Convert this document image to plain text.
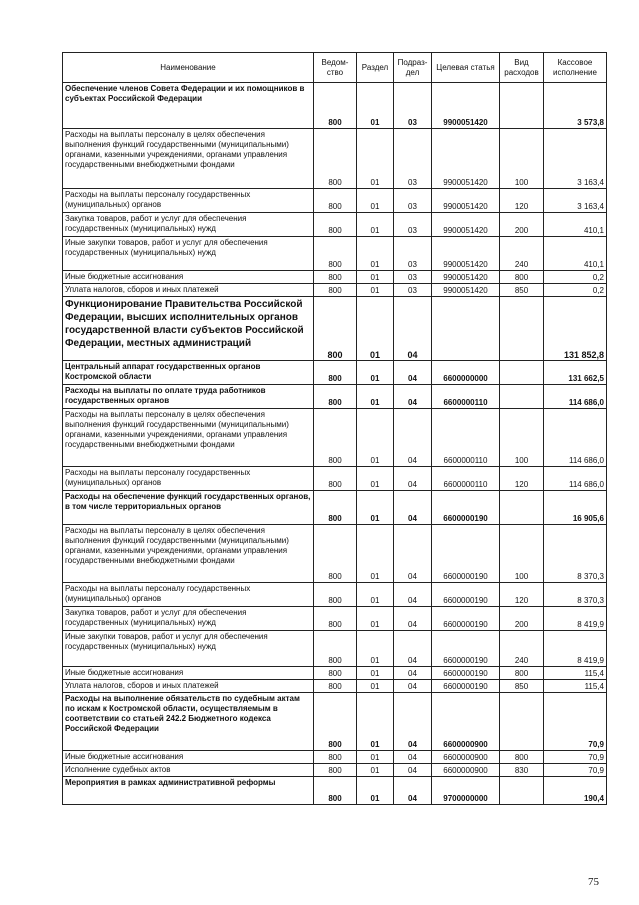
Наименование	Ведом-ство	Раздел	Подраз-дел	Целевая статья	Вид расходов	Кассовое исполнение
Обеспечение членов Совета Федерации и их помощников в субъектах Российской Федерации	800	01	03	9900051420		3 573,8
Расходы на выплаты персоналу в целях обеспечения выполнения функций государственными (муниципальными) органами, казенными учреждениями, органами управления государственными внебюджетными фондами	800	01	03	9900051420	100	3 163,4
Расходы на выплаты персоналу государственных (муниципальных) органов	800	01	03	9900051420	120	3 163,4
Закупка товаров, работ и услуг для обеспечения государственных (муниципальных) нужд	800	01	03	9900051420	200	410,1
Иные закупки товаров, работ и услуг для обеспечения государственных (муниципальных) нужд	800	01	03	9900051420	240	410,1
Иные бюджетные ассигнования	800	01	03	9900051420	800	0,2
Уплата налогов, сборов и иных платежей	800	01	03	9900051420	850	0,2
Функционирование Правительства Российской Федерации, высших исполнительных органов государственной власти субъектов Российской Федерации, местных администраций	800	01	04			131 852,8
Центральный аппарат государственных органов Костромской области	800	01	04	6600000000		131 662,5
Расходы на выплаты по оплате труда работников государственных органов	800	01	04	6600000110		114 686,0
Расходы на выплаты персоналу в целях обеспечения выполнения функций государственными (муниципальными) органами, казенными учреждениями, органами управления государственными внебюджетными фондами	800	01	04	6600000110	100	114 686,0
Расходы на выплаты персоналу государственных (муниципальных) органов	800	01	04	6600000110	120	114 686,0
Расходы на обеспечение функций государственных органов, в том числе территориальных органов	800	01	04	6600000190		16 905,6
Расходы на выплаты персоналу в целях обеспечения выполнения функций государственными (муниципальными) органами, казенными учреждениями, органами управления государственными внебюджетными фондами	800	01	04	6600000190	100	8 370,3
Расходы на выплаты персоналу государственных (муниципальных) органов	800	01	04	6600000190	120	8 370,3
Закупка товаров, работ и услуг для обеспечения государственных (муниципальных) нужд	800	01	04	6600000190	200	8 419,9
Иные закупки товаров, работ и услуг для обеспечения государственных (муниципальных) нужд	800	01	04	6600000190	240	8 419,9
Иные бюджетные ассигнования	800	01	04	6600000190	800	115,4
Уплата налогов, сборов и иных платежей	800	01	04	6600000190	850	115,4
Расходы на выполнение обязательств по судебным актам по искам к Костромской области, осуществляемым в соответствии со статьей 242.2 Бюджетного кодекса Российской Федерации	800	01	04	6600000900		70,9
Иные бюджетные ассигнования	800	01	04	6600000900	800	70,9
Исполнение судебных актов	800	01	04	6600000900	830	70,9
Мероприятия в рамках административной реформы	800	01	04	9700000000		190,4
75
